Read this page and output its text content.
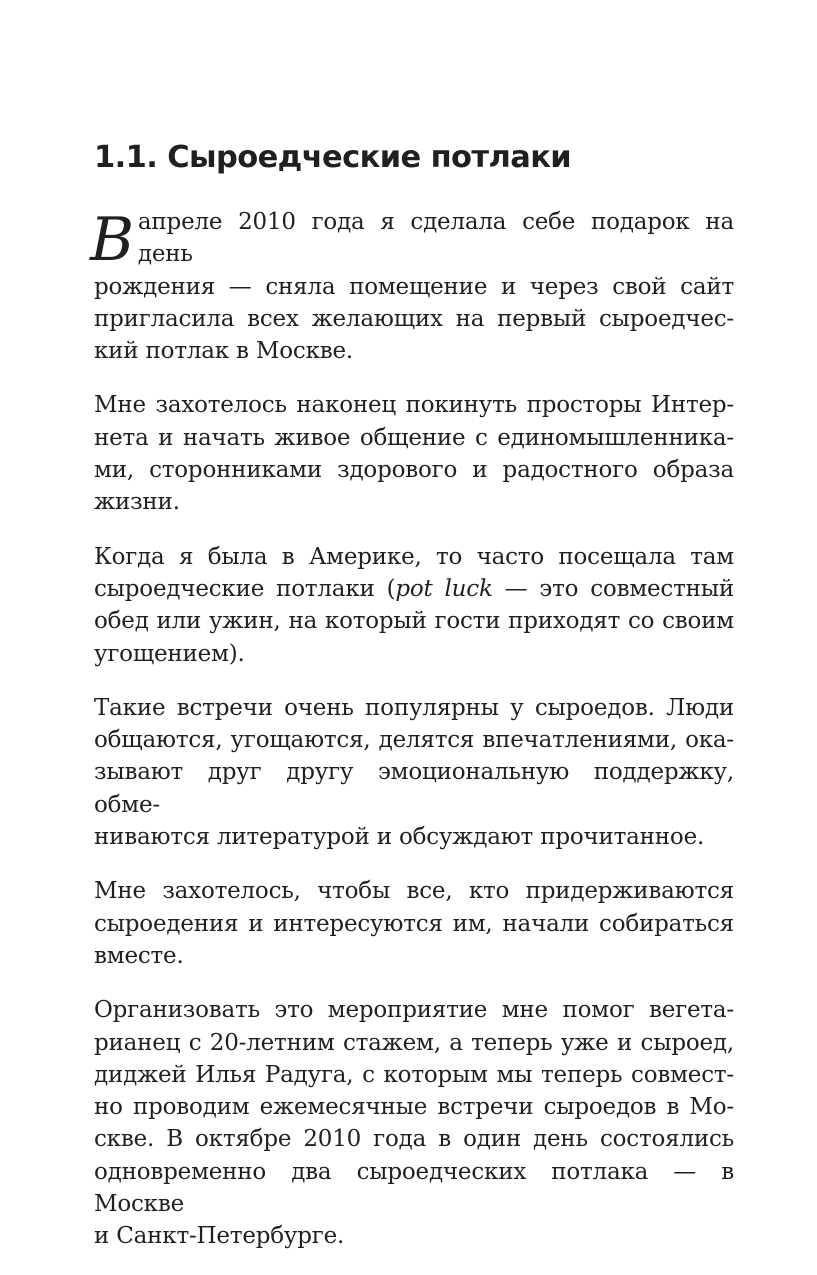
1.1. Сыроедческие потлаки

В апреле 2010 года я сделала себе подарок на день
рождения — сняла помещение и через свой сайт
пригласила всех желающих на первый сыроедчес-
кий потлак в Москве.

Мне захотелось наконец покинуть просторы Интер-
нета и начать живое общение с единомышленника-
ми, сторонниками здорового и радостного образа
жизни.

Когда я была в Америке, то часто посещала там
сыроедческие потлаки (pot luck — это совместный
обед или ужин, на который гости приходят со своим
угощением).

Такие встречи очень популярны у сыроедов. Люди
общаются, угощаются, делятся впечатлениями, ока-
зывают друг другу эмоциональную поддержку, обме-
ниваются литературой и обсуждают прочитанное.

Мне захотелось, чтобы все, кто придерживаются
сыроедения и интересуются им, начали собираться
вместе.

Организовать это мероприятие мне помог вегета-
рианец с 20-летним стажем, а теперь уже и сыроед,
диджей Илья Радуга, с которым мы теперь совмест-
но проводим ежемесячные встречи сыроедов в Мо-
скве. В октябре 2010 года в один день состоялись
одновременно два сыроедческих потлака — в Москве
и Санкт-Петербурге.
